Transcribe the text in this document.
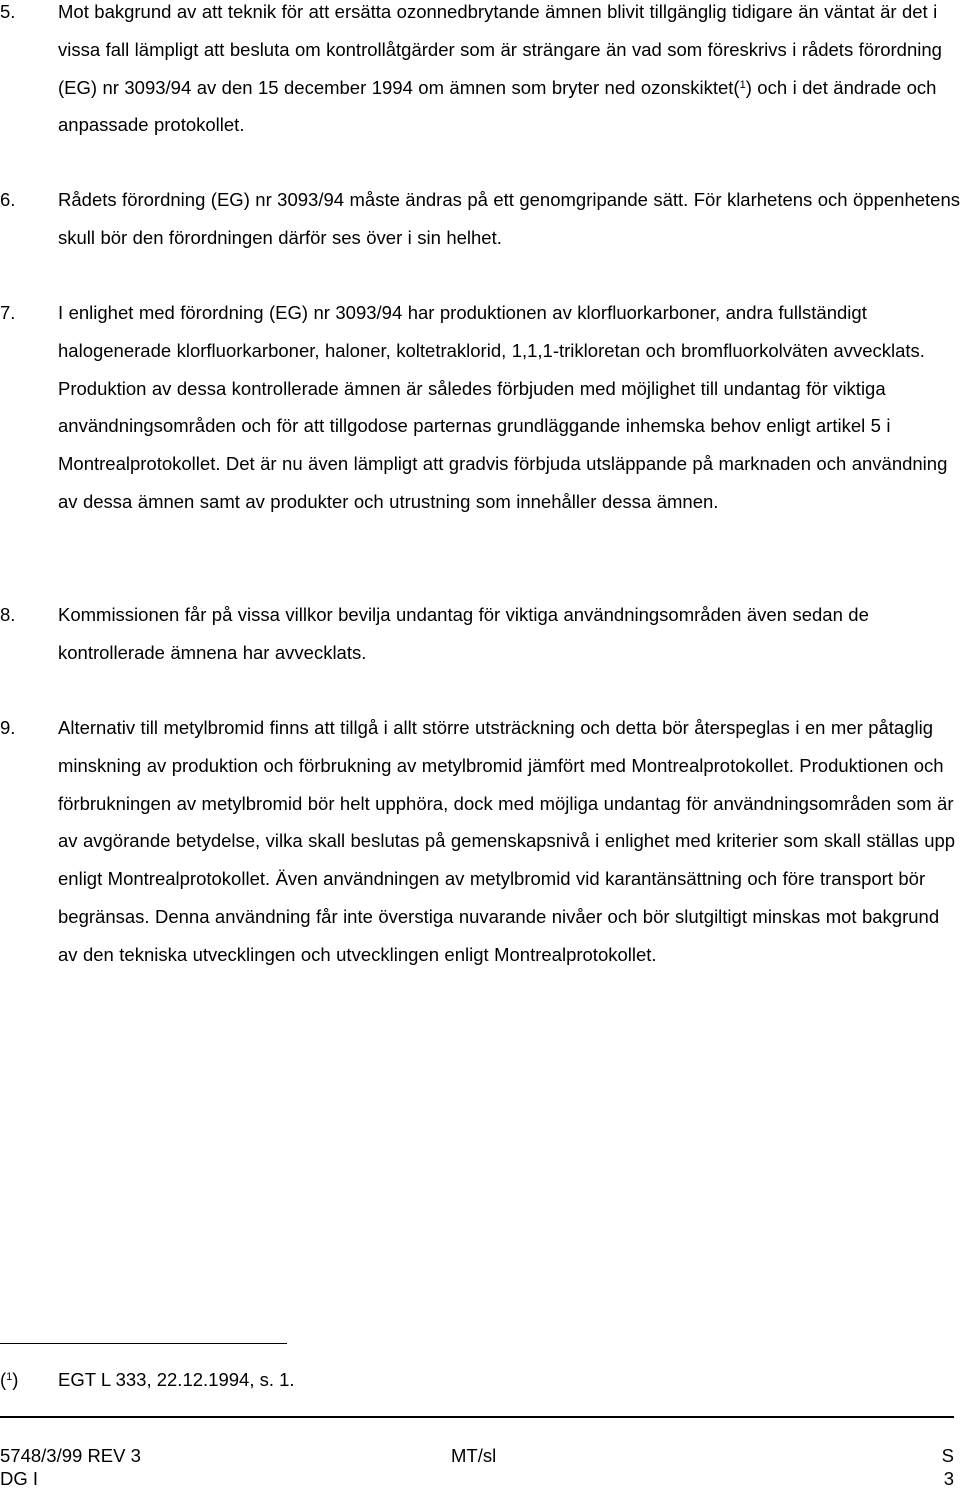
5. Mot bakgrund av att teknik för att ersätta ozonnedbrytande ämnen blivit tillgänglig tidigare än väntat är det i vissa fall lämpligt att besluta om kontrollåtgärder som är strängare än vad som föreskrivs i rådets förordning (EG) nr 3093/94 av den 15 december 1994 om ämnen som bryter ned ozonskiktet($^1$) och i det ändrade och anpassade protokollet.
6. Rådets förordning (EG) nr 3093/94 måste ändras på ett genomgripande sätt. För klarhetens och öppenhetens skull bör den förordningen därför ses över i sin helhet.
7. I enlighet med förordning (EG) nr 3093/94 har produktionen av klorfluorkarboner, andra fullständigt halogenerade klorfluorkarboner, haloner, koltetraklorid, 1,1,1-trikloretan och bromfluorkolväten avvecklats. Produktion av dessa kontrollerade ämnen är således förbjuden med möjlighet till undantag för viktiga användningsområden och för att tillgodose parternas grundläggande inhemska behov enligt artikel 5 i Montrealprotokollet. Det är nu även lämpligt att gradvis förbjuda utsläppande på marknaden och användning av dessa ämnen samt av produkter och utrustning som innehåller dessa ämnen.
8. Kommissionen får på vissa villkor bevilja undantag för viktiga användningsområden även sedan de kontrollerade ämnena har avvecklats.
9. Alternativ till metylbromid finns att tillgå i allt större utsträckning och detta bör återspeglas i en mer påtaglig minskning av produktion och förbrukning av metylbromid jämfört med Montrealprotokollet. Produktionen och förbrukningen av metylbromid bör helt upphöra, dock med möjliga undantag för användningsområden som är av avgörande betydelse, vilka skall beslutas på gemenskapsnivå i enlighet med kriterier som skall ställas upp enligt Montrealprotokollet. Även användningen av metylbromid vid karantänsättning och före transport bör begränsas. Denna användning får inte överstiga nuvarande nivåer och bör slutgiltigt minskas mot bakgrund av den tekniska utvecklingen och utvecklingen enligt Montrealprotokollet.
($^1$) EGT L 333, 22.12.1994, s. 1.
5748/3/99 REV 3	MT/sl	S
DG I	3
